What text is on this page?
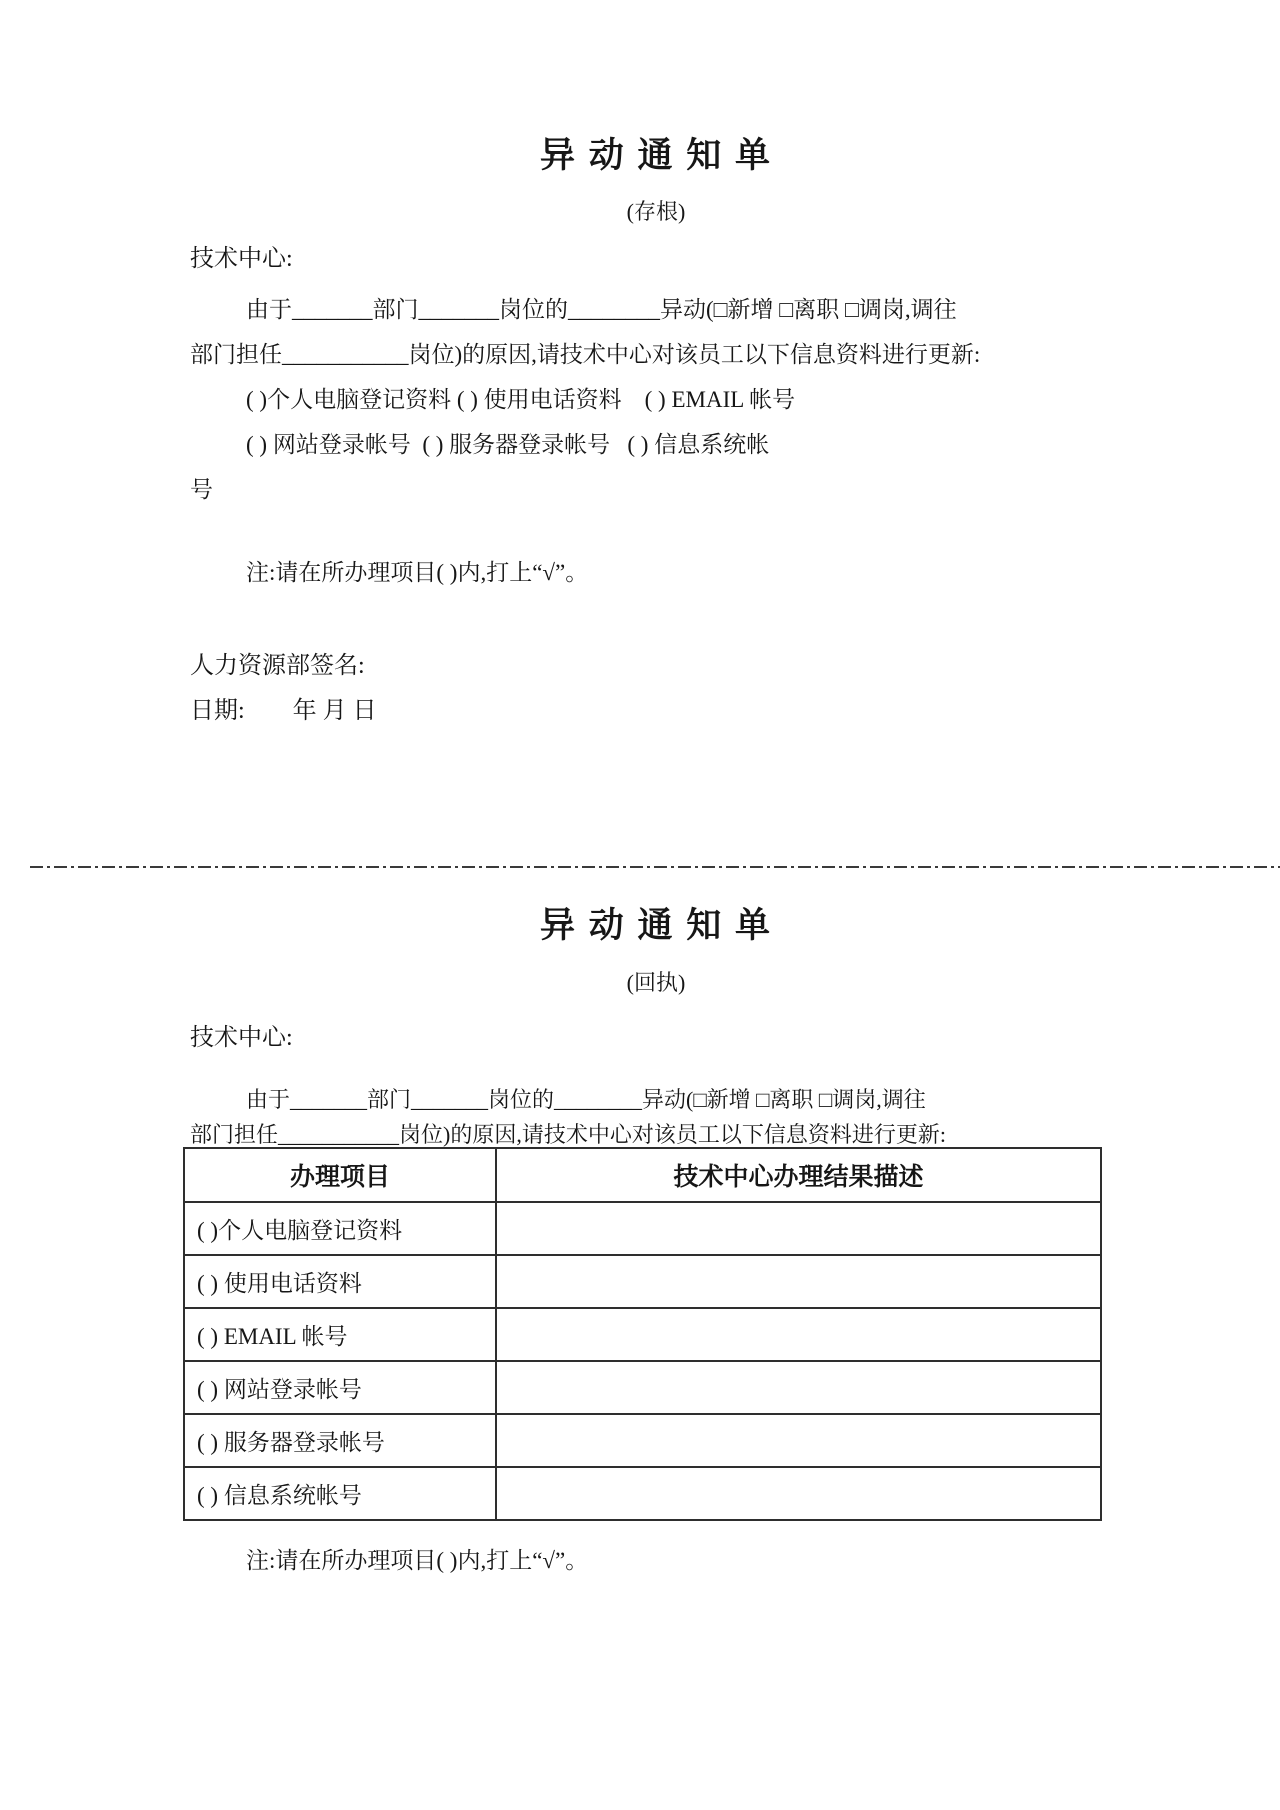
异 动 通 知 单
(存根)
技术中心:
由于_______部门_______岗位的________异动(□新增 □离职 □调岗,调往
部门担任___________岗位)的原因,请技术中心对该员工以下信息资料进行更新:
( )个人电脑登记资料 ( ) 使用电话资料    ( ) EMAIL 帐号
( ) 网站登录帐号  ( ) 服务器登录帐号   ( ) 信息系统帐
号
注:请在所办理项目( )内,打上“√”。
人力资源部签名:
日期:        年 月 日
异 动 通 知 单
(回执)
技术中心:
由于_______部门_______岗位的________异动(□新增 □离职 □调岗,调往
部门担任___________岗位)的原因,请技术中心对该员工以下信息资料进行更新:
办理项目	技术中心办理结果描述
( )个人电脑登记资料
( ) 使用电话资料
( ) EMAIL 帐号
( ) 网站登录帐号
( ) 服务器登录帐号
( ) 信息系统帐号
注:请在所办理项目( )内,打上“√”。
